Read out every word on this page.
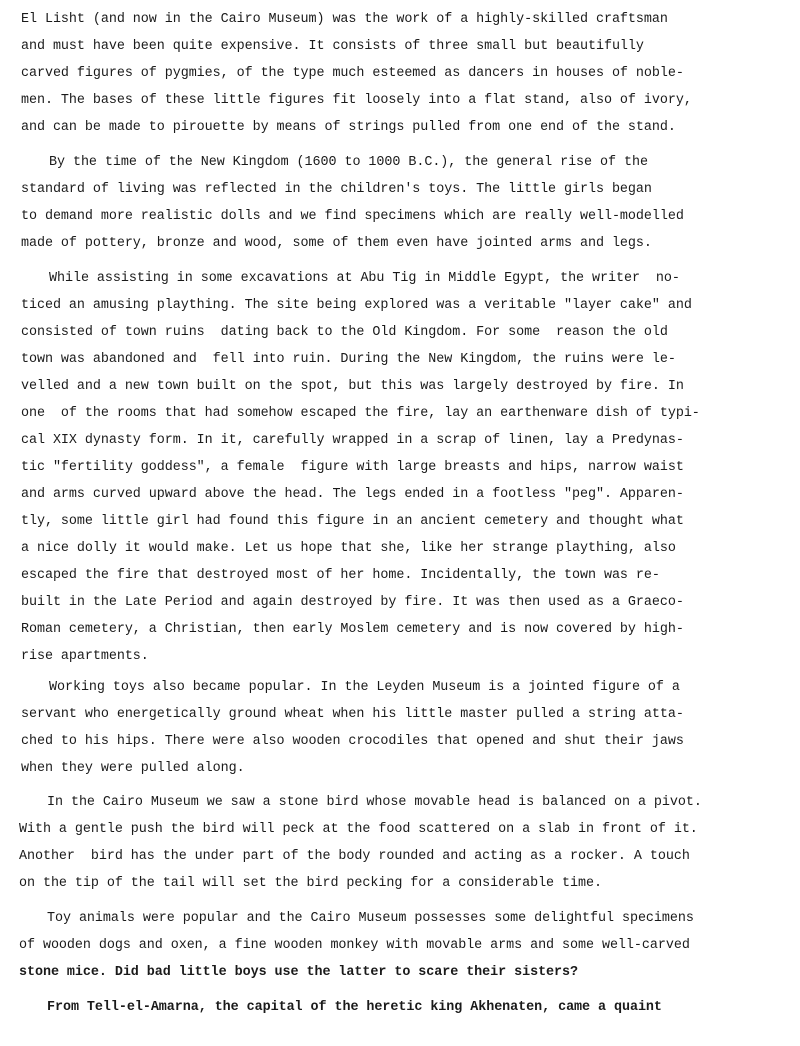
El Lisht (and now in the Cairo Museum) was the work of a highly-skilled craftsman
and must have been quite expensive. It consists of three small but beautifully
carved figures of pygmies, of the type much esteemed as dancers in houses of noble-
men. The bases of these little figures fit loosely into a flat stand, also of ivory,
and can be made to pirouette by means of strings pulled from one end of the stand.
By the time of the New Kingdom (1600 to 1000 B.C.), the general rise of the
standard of living was reflected in the children's toys. The little girls began
to demand more realistic dolls and we find specimens which are really well-modelled
made of pottery, bronze and wood, some of them even have jointed arms and legs.
While assisting in some excavations at Abu Tig in Middle Egypt, the writer  no-
ticed an amusing plaything. The site being explored was a veritable "layer cake" and
consisted of town ruins  dating back to the Old Kingdom. For some  reason the old
town was abandoned and  fell into ruin. During the New Kingdom, the ruins were le-
velled and a new town built on the spot, but this was largely destroyed by fire. In
one  of the rooms that had somehow escaped the fire, lay an earthenware dish of typi-
cal XIX dynasty form. In it, carefully wrapped in a scrap of linen, lay a Predynas-
tic "fertility goddess", a female  figure with large breasts and hips, narrow waist
and arms curved upward above the head. The legs ended in a footless "peg". Apparen-
tly, some little girl had found this figure in an ancient cemetery and thought what
a nice dolly it would make. Let us hope that she, like her strange plaything, also
escaped the fire that destroyed most of her home. Incidentally, the town was re-
built in the Late Period and again destroyed by fire. It was then used as a Graeco-
Roman cemetery, a Christian, then early Moslem cemetery and is now covered by high-
rise apartments.
Working toys also became popular. In the Leyden Museum is a jointed figure of a
servant who energetically ground wheat when his little master pulled a string atta-
ched to his hips. There were also wooden crocodiles that opened and shut their jaws
when they were pulled along.
In the Cairo Museum we saw a stone bird whose movable head is balanced on a pivot.
With a gentle push the bird will peck at the food scattered on a slab in front of it.
Another  bird has the under part of the body rounded and acting as a rocker. A touch
on the tip of the tail will set the bird pecking for a considerable time.
Toy animals were popular and the Cairo Museum possesses some delightful specimens
of wooden dogs and oxen, a fine wooden monkey with movable arms and some well-carved
stone mice. Did bad little boys use the latter to scare their sisters?
From Tell-el-Amarna, the capital of the heretic king Akhenaten, came a quaint
